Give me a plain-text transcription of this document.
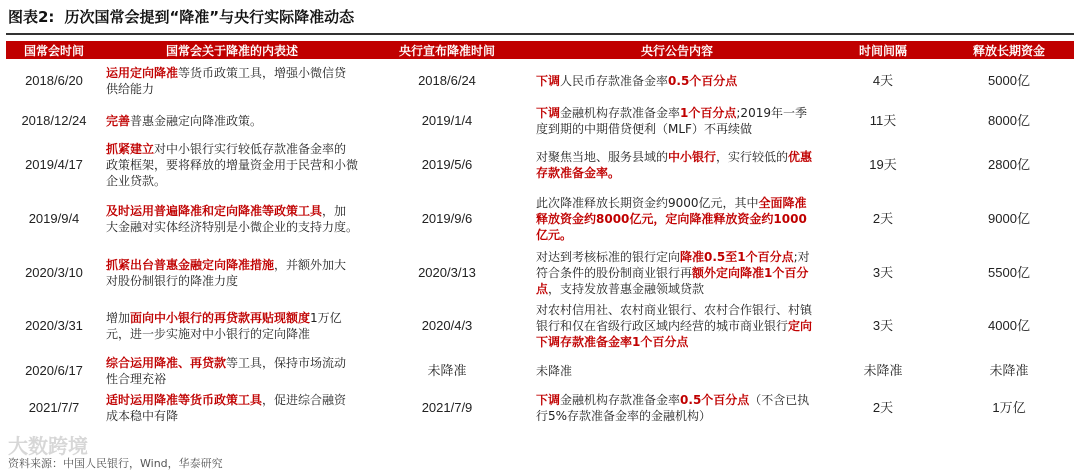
图表2: 历次国常会提到“降准”与央行实际降准动态
国常会时间	国常会关于降准的内表述	央行宣布降准时间	央行公告内容	时间间隔	释放长期资金
2018/6/20	运用定向降准等货币政策工具，增强小微信贷供给能力	2018/6/24	下调人民币存款准备金率0.5个百分点	4天	5000亿
2018/12/24	完善普惠金融定向降准政策。	2019/1/4	下调金融机构存款准备金率1个百分点;2019年一季度到期的中期借贷便利（MLF）不再续做	11天	8000亿
2019/4/17	抓紧建立对中小银行实行较低存款准备金率的政策框架，要将释放的增量资金用于民营和小微企业贷款。	2019/5/6	对聚焦当地、服务县域的中小银行，实行较低的优惠存款准备金率。	19天	2800亿
2019/9/4	及时运用普遍降准和定向降准等政策工具，加大金融对实体经济特别是小微企业的支持力度。	2019/9/6	此次降准释放长期资金约9000亿元，其中全面降准释放资金约8000亿元，定向降准释放资金约1000亿元。	2天	9000亿
2020/3/10	抓紧出台普惠金融定向降准措施，并额外加大对股份制银行的降准力度	2020/3/13	对达到考核标准的银行定向降准0.5至1个百分点;对符合条件的股份制商业银行再额外定向降准1个百分点，支持发放普惠金融领域贷款	3天	5500亿
2020/3/31	增加面向中小银行的再贷款再贴现额度1万亿元，进一步实施对中小银行的定向降准	2020/4/3	对农村信用社、农村商业银行、农村合作银行、村镇银行和仅在省级行政区域内经营的城市商业银行定向下调存款准备金率1个百分点	3天	4000亿
2020/6/17	综合运用降准、再贷款等工具，保持市场流动性合理充裕	未降准	未降准	未降准	未降准
2021/7/7	适时运用降准等货币政策工具，促进综合融资成本稳中有降	2021/7/9	下调金融机构存款准备金率0.5个百分点（不含已执行5%存款准备金率的金融机构）	2天	1万亿
大数跨境
资料来源：中国人民银行，Wind，华泰研究
